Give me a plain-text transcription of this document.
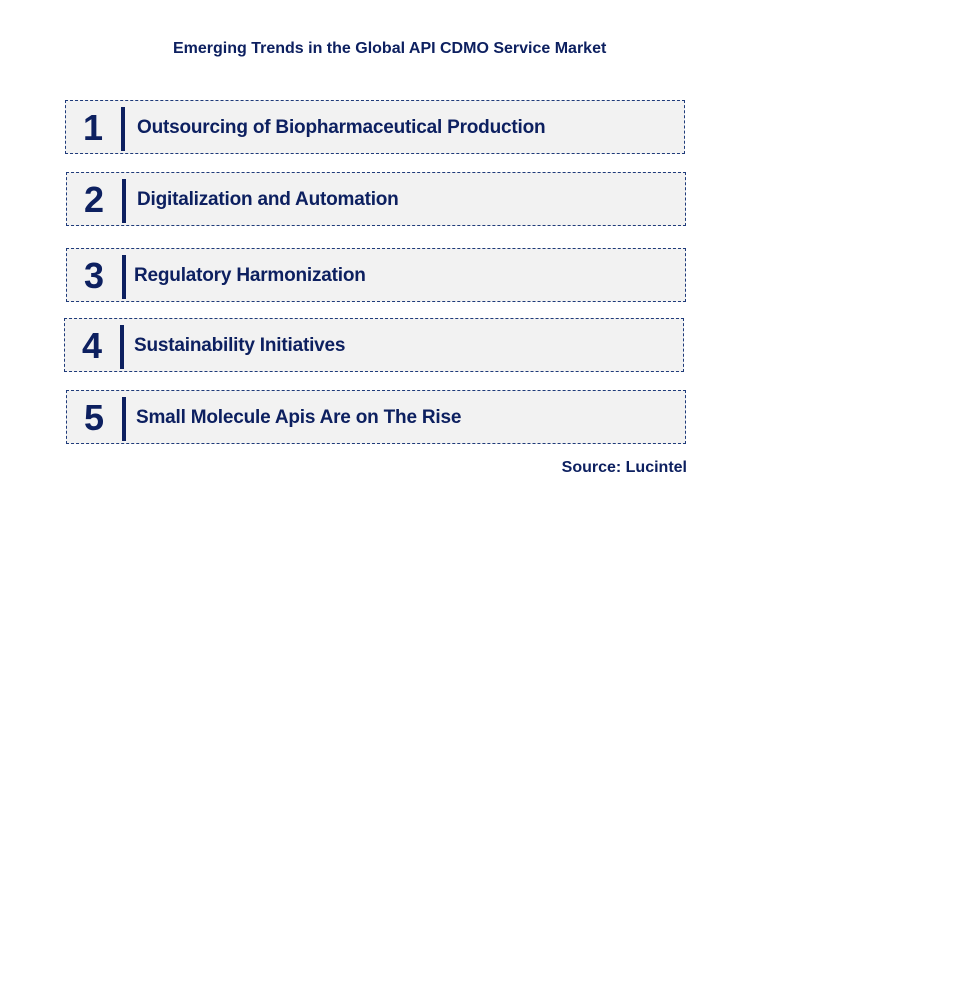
Emerging Trends in the Global API CDMO Service Market
1	Outsourcing of Biopharmaceutical Production
2	Digitalization and Automation
3	Regulatory Harmonization
4	Sustainability Initiatives
5	Small Molecule Apis Are on The Rise
Source: Lucintel
